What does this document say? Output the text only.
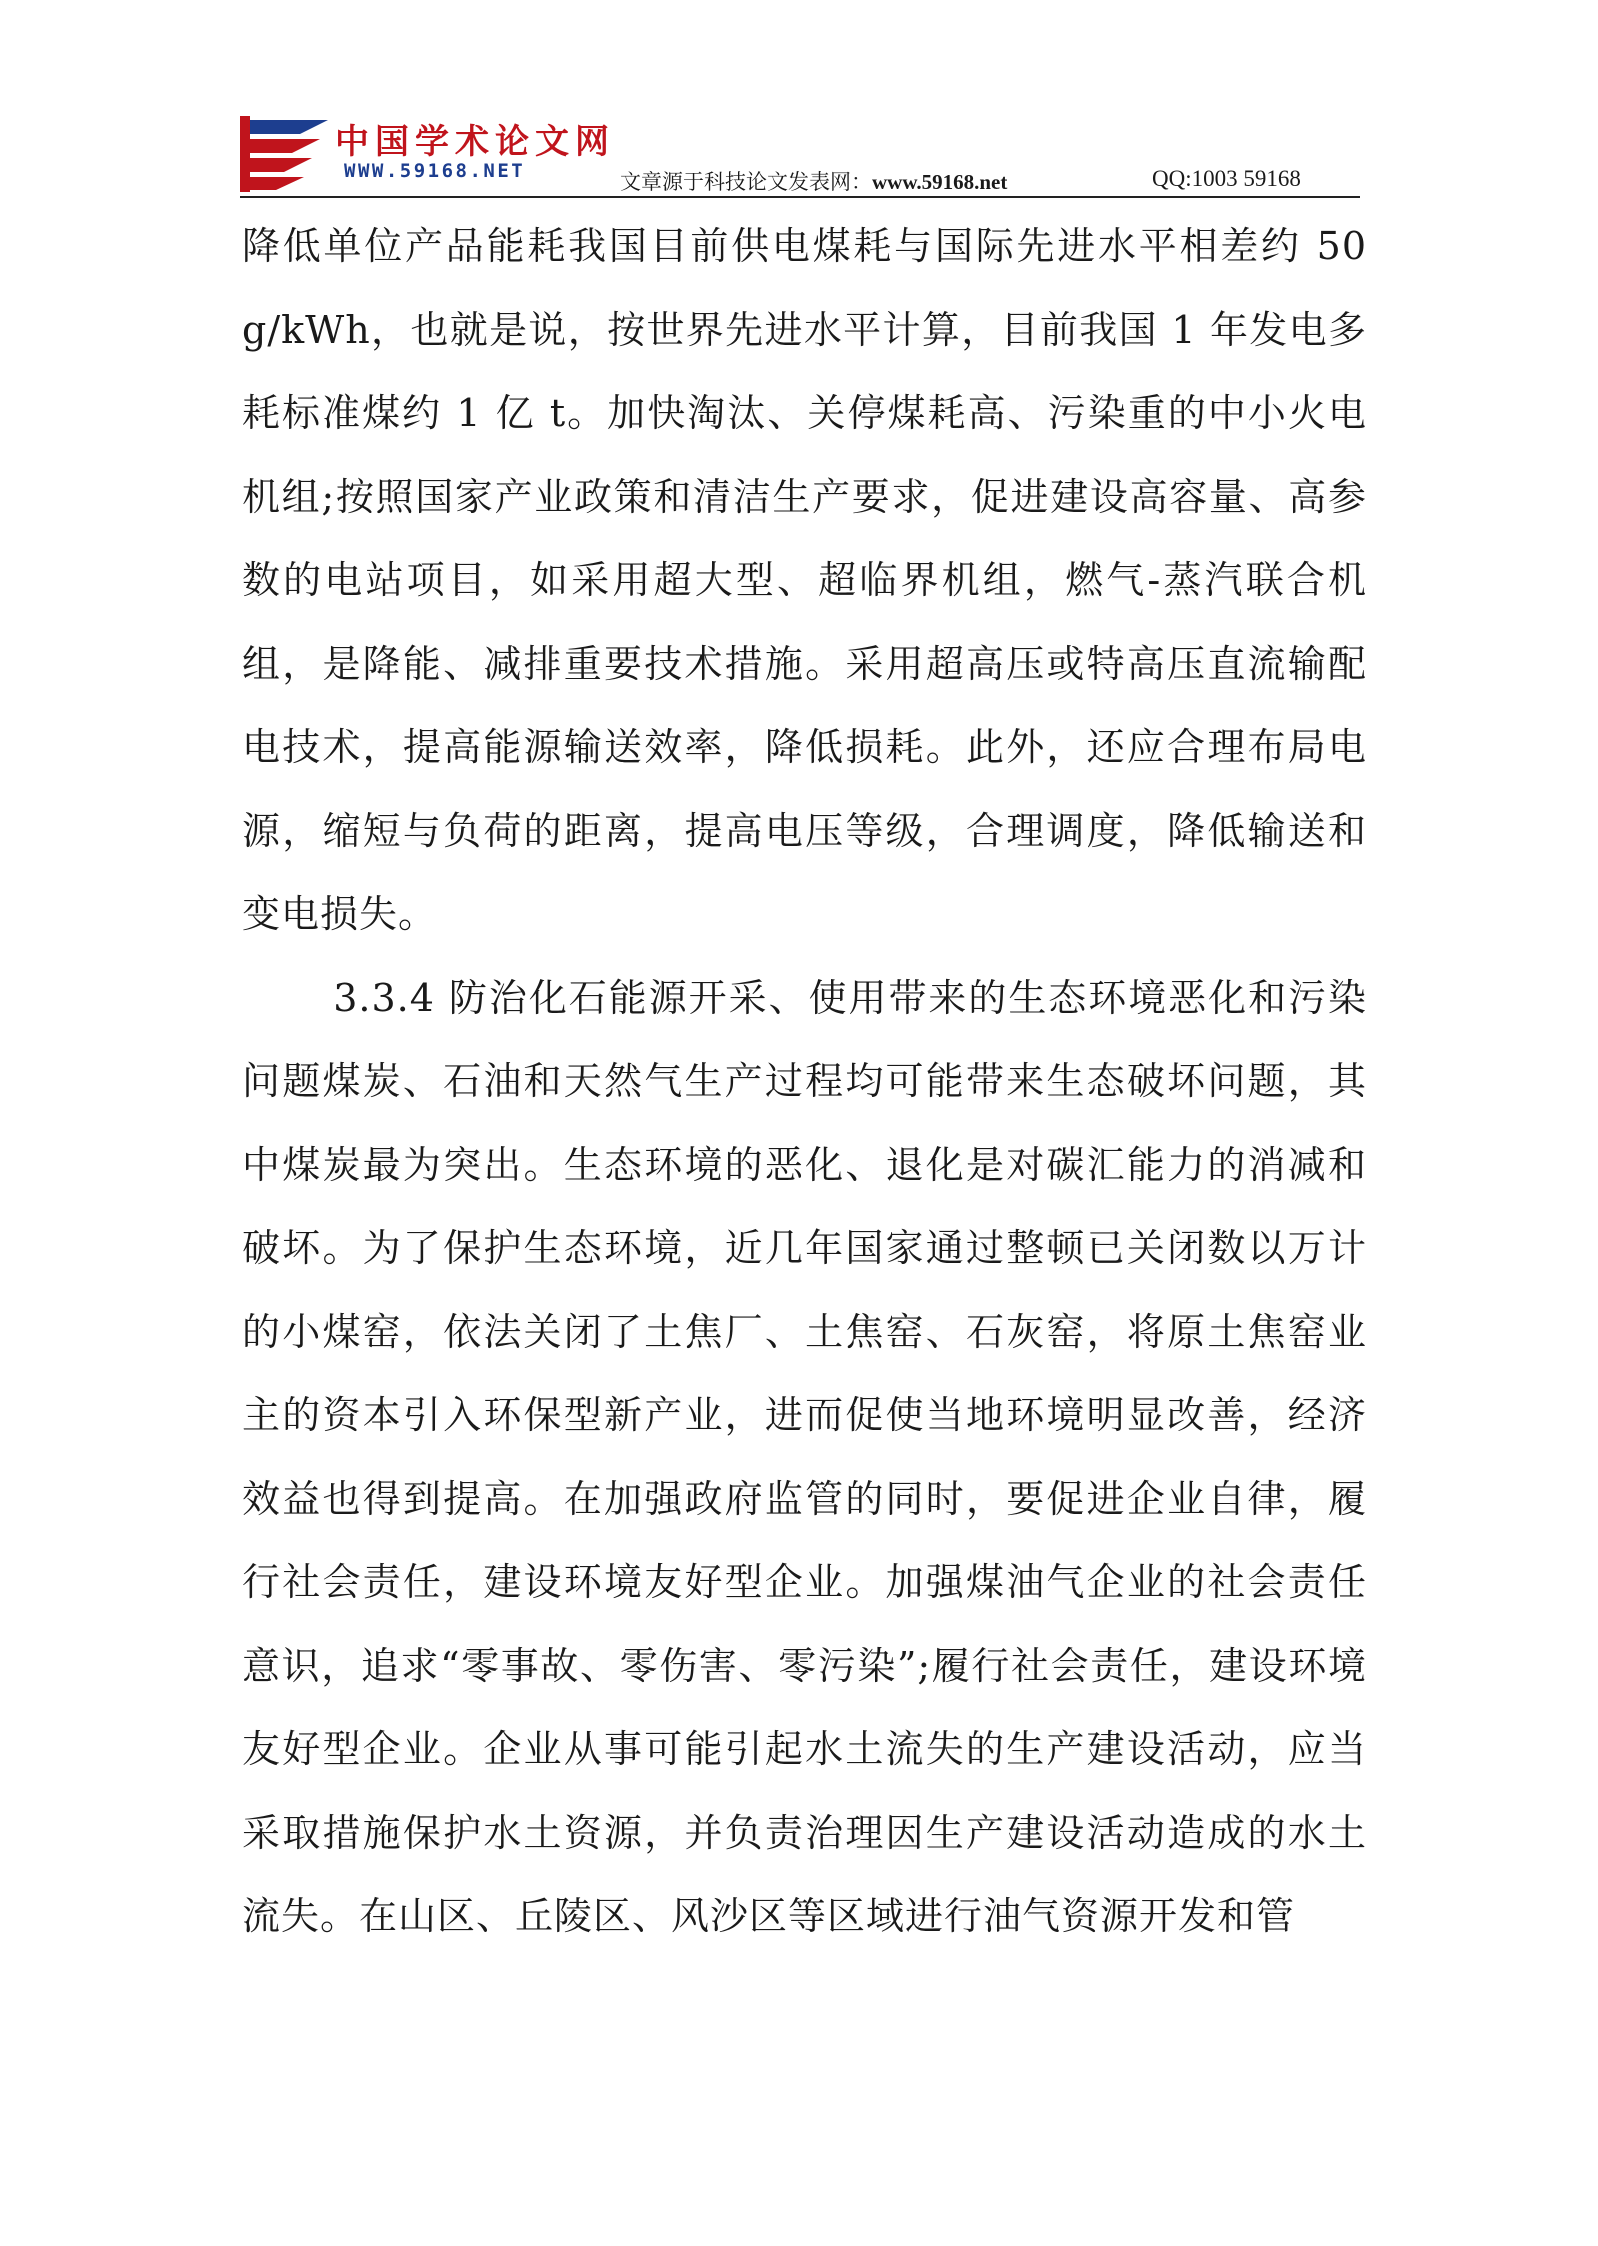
中国学术论文网
WWW.59168.NET	文章源于科技论文发表网：www.59168.net	QQ:1003 59168

降低单位产品能耗我国目前供电煤耗与国际先进水平相差约 50 g/kWh，也就是说，按世界先进水平计算，目前我国 1 年发电多耗标准煤约 1 亿 t。加快淘汰、关停煤耗高、污染重的中小火电机组;按照国家产业政策和清洁生产要求，促进建设高容量、高参数的电站项目，如采用超大型、超临界机组，燃气-蒸汽联合机组，是降能、减排重要技术措施。采用超高压或特高压直流输配电技术，提高能源输送效率，降低损耗。此外，还应合理布局电源，缩短与负荷的距离，提高电压等级，合理调度，降低输送和变电损失。

3.3.4 防治化石能源开采、使用带来的生态环境恶化和污染问题煤炭、石油和天然气生产过程均可能带来生态破坏问题，其中煤炭最为突出。生态环境的恶化、退化是对碳汇能力的消减和破坏。为了保护生态环境，近几年国家通过整顿已关闭数以万计的小煤窑，依法关闭了土焦厂、土焦窑、石灰窑，将原土焦窑业主的资本引入环保型新产业，进而促使当地环境明显改善，经济效益也得到提高。在加强政府监管的同时，要促进企业自律，履行社会责任，建设环境友好型企业。加强煤油气企业的社会责任意识，追求“零事故、零伤害、零污染”;履行社会责任，建设环境友好型企业。企业从事可能引起水土流失的生产建设活动，应当采取措施保护水土资源，并负责治理因生产建设活动造成的水土流失。在山区、丘陵区、风沙区等区域进行油气资源开发和管
